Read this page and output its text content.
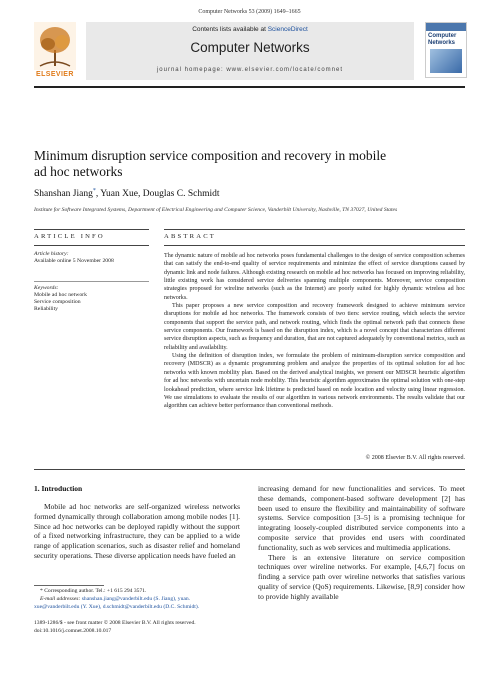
Computer Networks 53 (2009) 1649–1665
ELSEVIER
Contents lists available at ScienceDirect
Computer Networks
journal homepage: www.elsevier.com/locate/comnet
Computer
Networks
Minimum disruption service composition and recovery in mobile
ad hoc networks
Shanshan Jiang*, Yuan Xue, Douglas C. Schmidt
Institute for Software Integrated Systems, Department of Electrical Engineering and Computer Science, Vanderbilt University, Nashville, TN 37027, United States
ARTICLE INFO
Article history:
Available online 5 November 2008
Keywords:
Mobile ad hoc network
Service composition
Reliability
ABSTRACT

The dynamic nature of mobile ad hoc networks poses fundamental challenges to the design of service composition schemes that can satisfy the end-to-end quality of service requirements and minimize the effect of service disruptions caused by dynamic link and node failures. Although existing research on mobile ad hoc networks has focused on improving reliability, little existing work has considered service deliveries spanning multiple components. Moreover, service composition strategies proposed for wireline networks (such as the Internet) are poorly suited for highly dynamic wireless ad hoc networks.

This paper proposes a new service composition and recovery framework designed to achieve minimum service disruptions for mobile ad hoc networks. The framework consists of two tiers: service routing, which selects the service components that support the service path, and network routing, which finds the optimal network path that connects these service components. Our framework is based on the disruption index, which is a novel concept that characterizes different service disruption aspects, such as frequency and duration, that are not captured adequately by conventional metrics, such as reliability and availability.

Using the definition of disruption index, we formulate the problem of minimum-disruption service composition and recovery (MDSCR) as a dynamic programming problem and analyze the properties of its optimal solution for ad hoc networks with known mobility plan. Based on the derived analytical insights, we present our MDSCR heuristic algorithm for ad hoc networks with uncertain node mobility. This heuristic algorithm approximates the optimal solution with one-step lookahead prediction, where service link lifetime is predicted based on node location and velocity using linear regression. We use simulations to evaluate the results of our algorithm in various network environments. The results validate that our algorithm can achieve better performance than conventional methods.

© 2008 Elsevier B.V. All rights reserved.
1. Introduction

Mobile ad hoc networks are self-organized wireless networks formed dynamically through collaboration among mobile nodes [1]. Since ad hoc networks can be deployed rapidly without the support of a fixed networking infrastructure, they can be applied to a wide range of application scenarios, such as disaster relief and homeland security operations. These diverse application needs have fueled an

increasing demand for new functionalities and services. To meet these demands, component-based software development [2] has been used to ensure the flexibility and maintainability of software systems. Service composition [3–5] is a promising technique for integrating loosely-coupled distributed service components into a composite service that provides end users with coordinated functionality, such as web services and multimedia applications.

There is an extensive literature on service composition techniques over wireline networks. For example, [4,6,7] focus on finding a service path over wireline networks that satisfies various quality of service (QoS) requirements. Likewise, [8,9] consider how to provide highly available

* Corresponding author. Tel.: +1 615 294 3571.
E-mail addresses: shanshan.jiang@vanderbilt.edu (S. Jiang), yuan.
xue@vanderbilt.edu (Y. Xue), d.schmidt@vanderbilt.edu (D.C. Schmidt).
1389-1286/$ - see front matter © 2008 Elsevier B.V. All rights reserved.
doi:10.1016/j.comnet.2008.10.017
